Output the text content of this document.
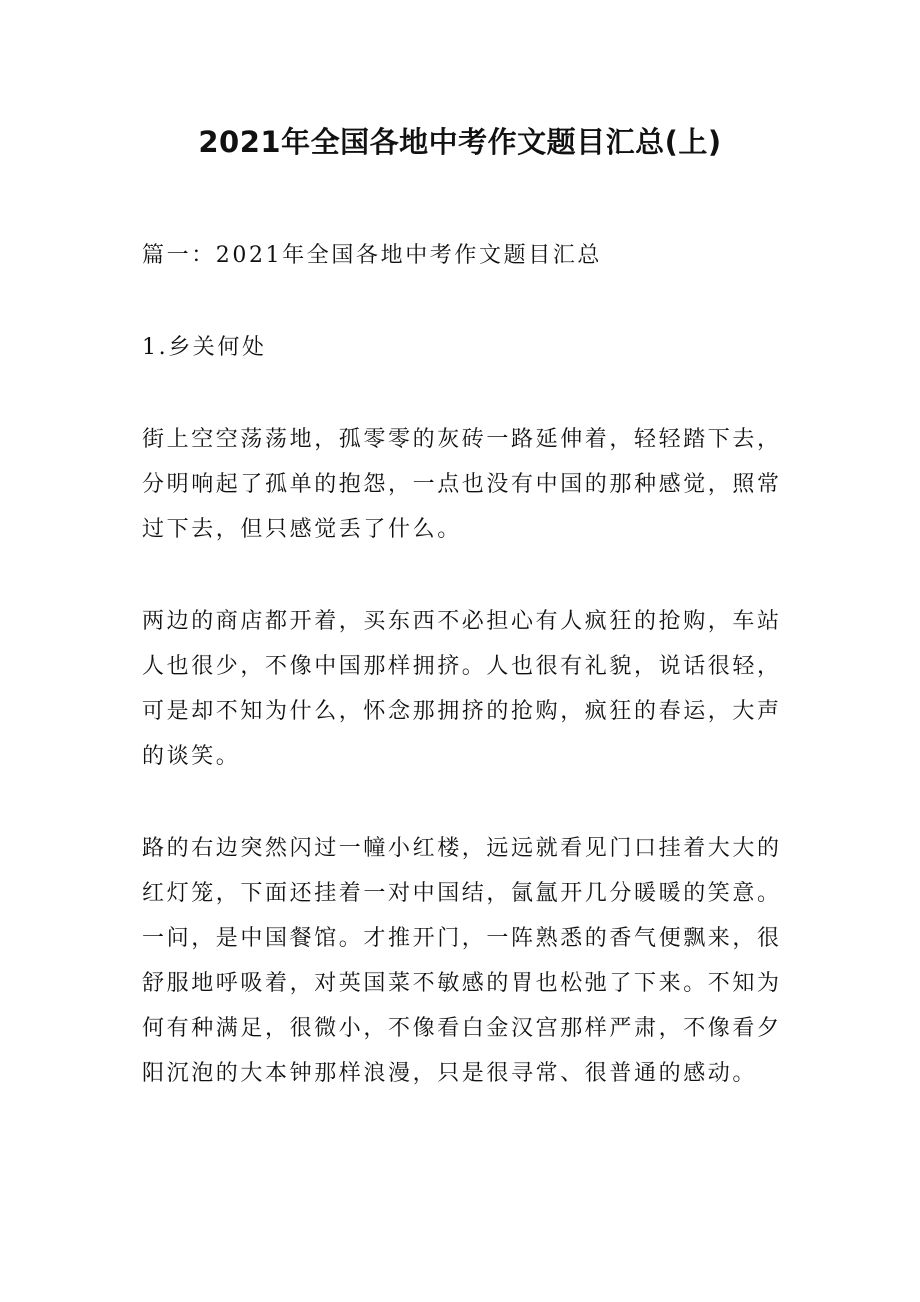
2021年全国各地中考作文题目汇总(上)

篇一：2021年全国各地中考作文题目汇总

1.乡关何处

街上空空荡荡地，孤零零的灰砖一路延伸着，轻轻踏下去，分明响起了孤单的抱怨，一点也没有中国的那种感觉，照常过下去，但只感觉丢了什么。

两边的商店都开着，买东西不必担心有人疯狂的抢购，车站人也很少，不像中国那样拥挤。人也很有礼貌，说话很轻，可是却不知为什么，怀念那拥挤的抢购，疯狂的春运，大声的谈笑。

路的右边突然闪过一幢小红楼，远远就看见门口挂着大大的红灯笼，下面还挂着一对中国结，氤氲开几分暖暖的笑意。一问，是中国餐馆。才推开门，一阵熟悉的香气便飘来，很舒服地呼吸着，对英国菜不敏感的胃也松弛了下来。不知为何有种满足，很微小，不像看白金汉宫那样严肃，不像看夕阳沉泡的大本钟那样浪漫，只是很寻常、很普通的感动。
